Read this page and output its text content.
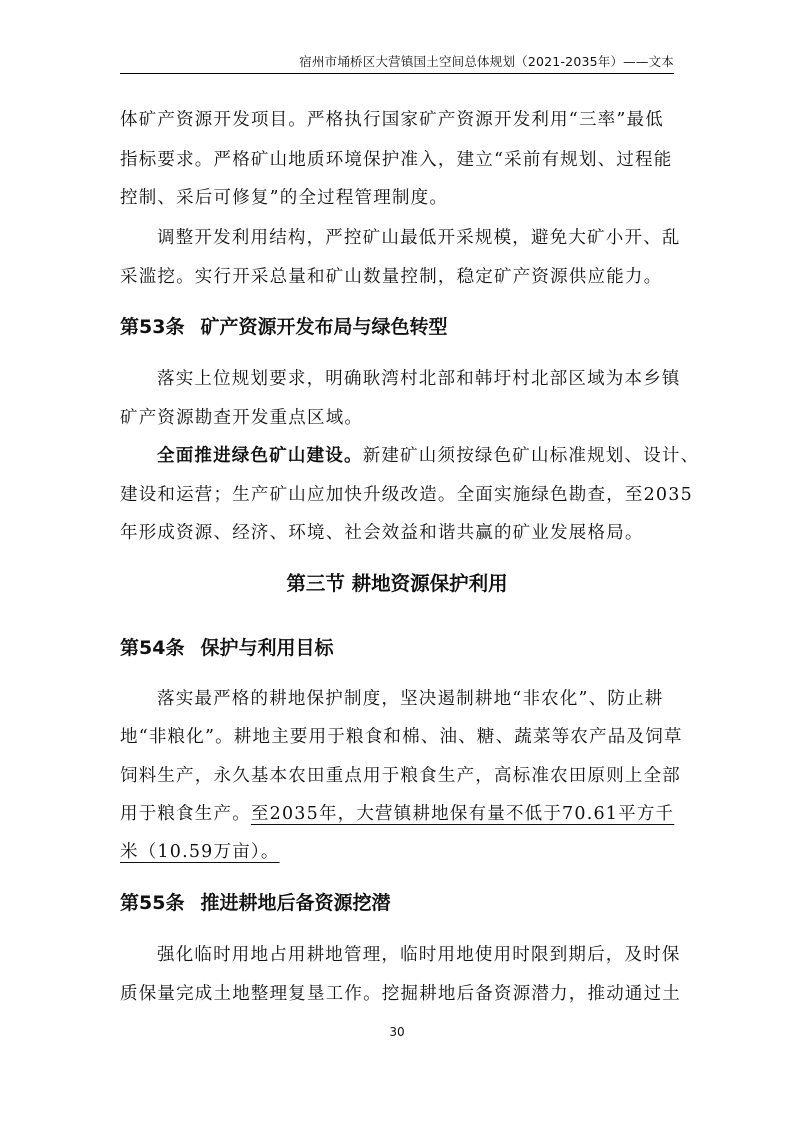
宿州市埇桥区大营镇国土空间总体规划（2021-2035年）——文本

体矿产资源开发项目。严格执行国家矿产资源开发利用“三率”最低

指标要求。严格矿山地质环境保护准入，建立“采前有规划、过程能

控制、采后可修复”的全过程管理制度。

调整开发利用结构，严控矿山最低开采规模，避免大矿小开、乱

采滥挖。实行开采总量和矿山数量控制，稳定矿产资源供应能力。

第53条 矿产资源开发布局与绿色转型

落实上位规划要求，明确耿湾村北部和韩圩村北部区域为本乡镇

矿产资源勘查开发重点区域。

全面推进绿色矿山建设。新建矿山须按绿色矿山标准规划、设计、

建设和运营；生产矿山应加快升级改造。全面实施绿色勘查，至2035

年形成资源、经济、环境、社会效益和谐共赢的矿业发展格局。

第三节 耕地资源保护利用
第54条 保护与利用目标

落实最严格的耕地保护制度，坚决遏制耕地“非农化”、防止耕

地“非粮化”。耕地主要用于粮食和棉、油、糖、蔬菜等农产品及饲草

饲料生产，永久基本农田重点用于粮食生产，高标准农田原则上全部

用于粮食生产。至2035年，大营镇耕地保有量不低于70.61平方千

米（10.59万亩）。

第55条 推进耕地后备资源挖潜

强化临时用地占用耕地管理，临时用地使用时限到期后，及时保

质保量完成土地整理复垦工作。挖掘耕地后备资源潜力，推动通过土

30
